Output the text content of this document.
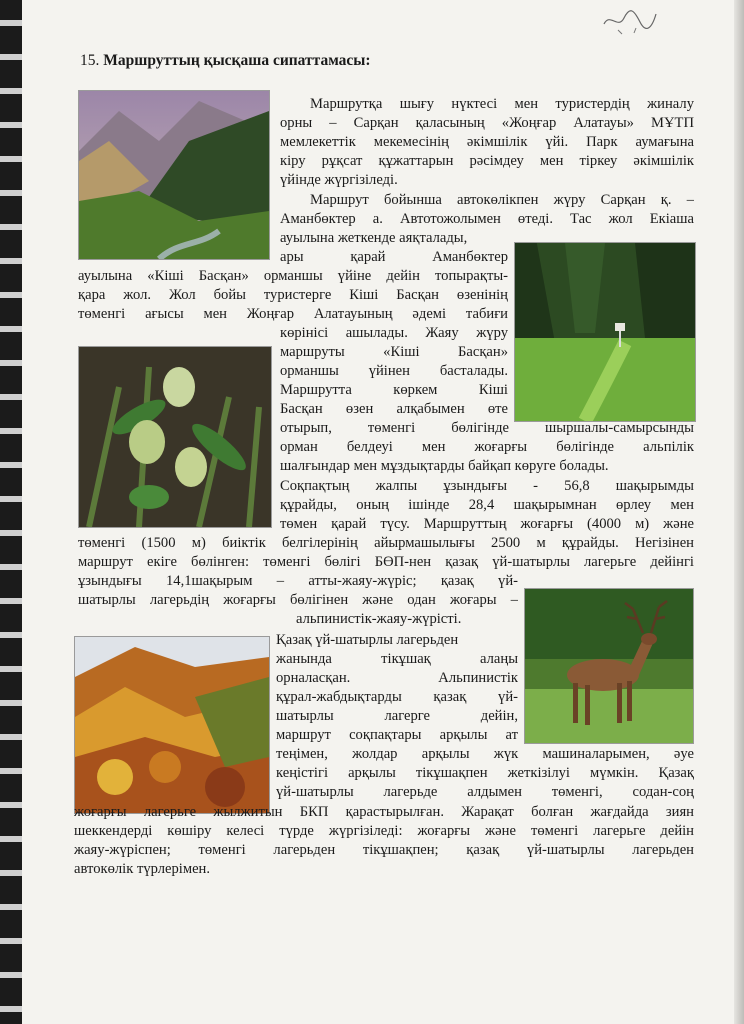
15. Маршруттың қысқаша сипаттамасы:
Маршрутқа шығу нүктесі мен туристердің жиналу
орны – Сарқан қаласының «Жоңғар Алатауы» МҰТП
мемлекеттік мекемесінің әкімшілік үйі. Парк аумағына
кіру рұқсат құжаттарын рәсімдеу мен тіркеу әкімшілік
үйінде жүргізіледі.
Маршрут бойынша автокөлікпен жүру Сарқан қ. –
Аманбөктер а. Автотожолымен өтеді. Тас жол Екіаша
ауылына жеткенде аяқталады,
ары қарай Аманбөктер
ауылына «Кіші Басқан» орманшы үйіне дейін топырақты-
қара жол. Жол бойы туристерге Кіші Басқан өзенінің
төменгі ағысы мен Жоңғар Алатауының әдемі табиғи
көрінісі ашылады. Жаяу жүру
маршруты «Кіші Басқан»
орманшы үйінен басталады.
Маршрутта көркем Кіші
Басқан өзен алқабымен өте
отырып, төменгі бөлігінде шыршалы-самырсынды
орман белдеуі мен жоғарғы бөлігінде альпілік
шалғындар мен мұздықтарды байқап көруге болады.
Соқпақтың жалпы ұзындығы - 56,8 шақырымды
құрайды, оның ішінде 28,4 шақырымнан өрлеу мен
төмен қарай түсу. Маршруттың жоғарғы (4000 м) және
төменгі (1500 м) биіктік белгілерінің айырмашылығы 2500 м құрайды. Негізінен
маршрут екіге бөлінген: төменгі бөлігі БӨП-нен қазақ үй-шатырлы лагерьге дейінгі
ұзындығы 14,1шақырым – атты-жаяу-жүріс; қазақ үй-
шатырлы лагерьдің жоғарғы бөлігінен және одан жоғары –
альпинистік-жаяу-жүрісті.
Қазақ үй-шатырлы лагерьден
жанында тікұшақ алаңы
орналасқан. Альпинистік
құрал-жабдықтарды қазақ үй-
шатырлы лагерге дейін,
маршрут соқпақтары арқылы ат
теңімен, жолдар арқылы жүк машиналарымен, әуе
кеңістігі арқылы тікұшақпен жеткізілуі мүмкін. Қазақ
үй-шатырлы лагерьде алдымен төменгі, содан-соң
жоғарғы лагерьге жылжитын БКП қарастырылған. Жарақат болған жағдайда зиян
шеккендерді көшіру келесі түрде жүргізіледі: жоғарғы және төменгі лагерьге дейін
жаяу-жүріспен; төменгі лагерьден тікұшақпен; қазақ үй-шатырлы лагерьден
автокөлік түрлерімен.
